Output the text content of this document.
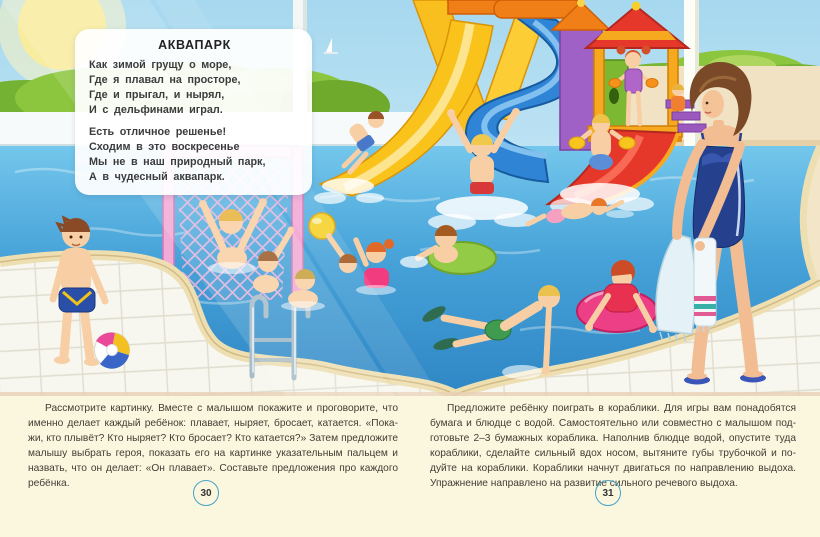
АКВАПАРК
Как зимой грущу о море,
Где я плавал на просторе,
Где и прыгал, и нырял,
И с дельфинами играл.
Есть отличное решенье!
Сходим в это воскресенье
Мы не в наш природный парк,
А в чудесный аквапарк.
Рассмотрите картинку. Вместе с малышом покажите и проговорите, что
именно делает каждый ребёнок: плавает, ныряет, бросает, катается. «Пока-
жи, кто плывёт? Кто ныряет? Кто бросает? Кто катается?» Затем предложите
малышу выбрать героя, показать его на картинке указательным пальцем и
назвать, что он делает: «Он плавает». Составьте предложения про каждого
ребёнка.
Предложите ребёнку поиграть в кораблики. Для игры вам понадобятся
бумага и блюдце с водой. Самостоятельно или совместно с малышом под-
готовьте 2–3 бумажных кораблика. Наполнив блюдце водой, опустите туда
кораблики, сделайте сильный вдох носом, вытяните губы трубочкой и по-
дуйте на кораблики. Кораблики начнут двигаться по направлению выдоха.
Упражнение направлено на развитие сильного речевого выдоха.
30	31
